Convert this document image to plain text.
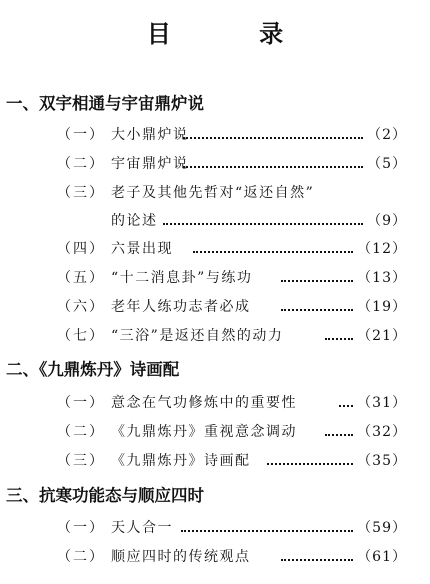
目 录
一、双宇相通与宇宙鼎炉说
（一） 大小鼎炉说	（2）
（二） 宇宙鼎炉说	（5）
（三） 老子及其他先哲对“返还自然”
的论述	（9）
（四） 六景出现	（12）
（五） “十二消息卦”与练功	（13）
（六） 老年人练功志者必成	（19）
（七） “三浴”是返还自然的动力	（21）
二、《九鼎炼丹》诗画配
（一） 意念在气功修炼中的重要性	（31）
（二） 《九鼎炼丹》重视意念调动	（32）
（三） 《九鼎炼丹》诗画配	（35）
三、抗寒功能态与顺应四时
（一） 天人合一	（59）
（二） 顺应四时的传统观点	（61）
